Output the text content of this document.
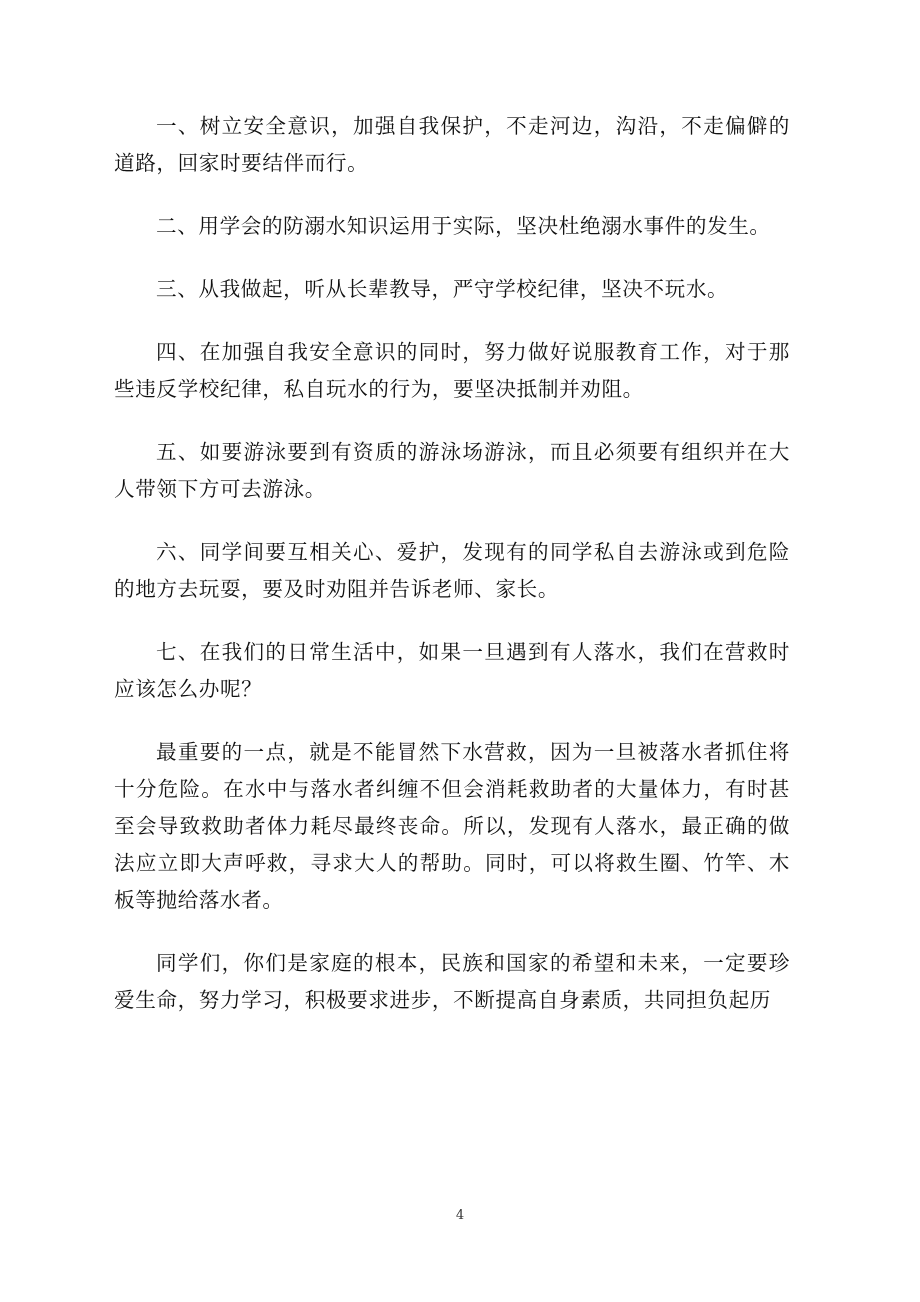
一、树立安全意识，加强自我保护，不走河边，沟沿，不走偏僻的道路，回家时要结伴而行。

二、用学会的防溺水知识运用于实际，坚决杜绝溺水事件的发生。

三、从我做起，听从长辈教导，严守学校纪律，坚决不玩水。

四、在加强自我安全意识的同时，努力做好说服教育工作，对于那些违反学校纪律，私自玩水的行为，要坚决抵制并劝阻。

五、如要游泳要到有资质的游泳场游泳，而且必须要有组织并在大人带领下方可去游泳。

六、同学间要互相关心、爱护，发现有的同学私自去游泳或到危险的地方去玩耍，要及时劝阻并告诉老师、家长。

七、在我们的日常生活中，如果一旦遇到有人落水，我们在营救时应该怎么办呢？

最重要的一点，就是不能冒然下水营救，因为一旦被落水者抓住将十分危险。在水中与落水者纠缠不但会消耗救助者的大量体力，有时甚至会导致救助者体力耗尽最终丧命。所以，发现有人落水，最正确的做法应立即大声呼救，寻求大人的帮助。同时，可以将救生圈、竹竿、木板等抛给落水者。

同学们，你们是家庭的根本，民族和国家的希望和未来，一定要珍爱生命，努力学习，积极要求进步，不断提高自身素质，共同担负起历

4
